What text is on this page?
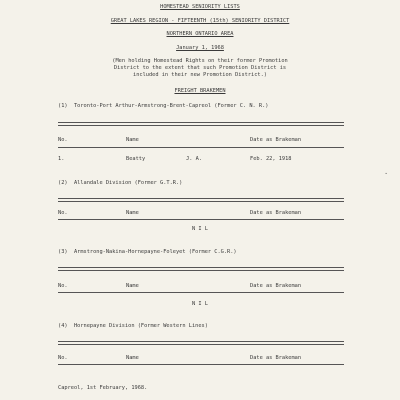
HOMESTEAD SENIORITY LISTS
GREAT LAKES REGION - FIFTEENTH (15th) SENIORITY DISTRICT
NORTHERN ONTARIO AREA
January 1, 1968
(Men holding Homestead Rights on their former Promotion
District to the extent that such Promotion District is
included in their new Promotion District.)
FREIGHT BRAKEMEN
(1)  Toronto-Port Arthur-Armstrong-Brent-Capreol (Former C. N. R.)
No.	Name	Date as Brakeman
1.	Beatty	J. A.	Feb. 22, 1918
(2)  Allandale Division (Former G.T.R.)
No.	Name	Date as Brakeman
N I L
(3)  Armstrong-Nakina-Hornepayne-Foleyet (Former C.G.R.)
No.	Name	Date as Brakeman
N I L
(4)  Hornepayne Division (Former Western Lines)
No.	Name	Date as Brakeman
Capreol, 1st February, 1968.
·
